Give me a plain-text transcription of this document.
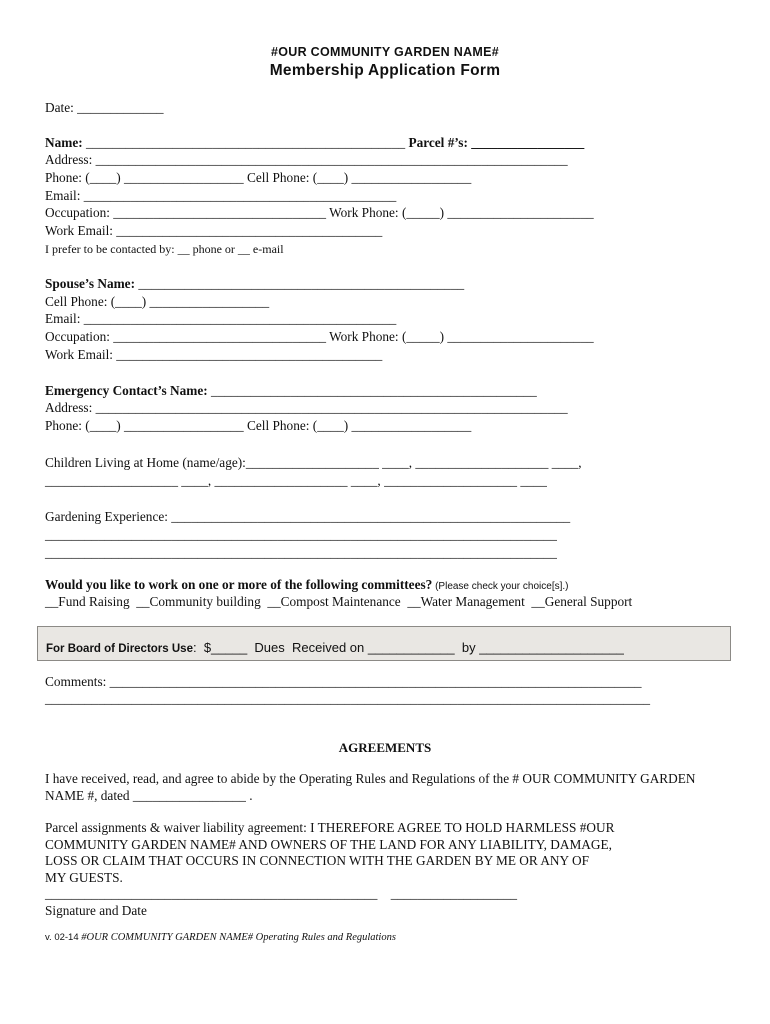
#OUR COMMUNITY GARDEN NAME#
Membership Application Form
Date: _____________
Name: ________________________________________________ Parcel #’s: _________________
Address: _______________________________________________________________________
Phone: (____) __________________ Cell Phone: (____) __________________
Email: _______________________________________________
Occupation: ________________________________ Work Phone: (_____) ______________________
Work Email: ________________________________________
I prefer to be contacted by: __ phone or __ e-mail
Spouse’s Name: _________________________________________________
Cell Phone: (____) __________________
Email: _______________________________________________
Occupation: ________________________________ Work Phone: (_____) ______________________
Work Email: ________________________________________
Emergency Contact’s Name: _________________________________________________
Address: _______________________________________________________________________
Phone: (____) __________________ Cell Phone: (____) __________________
Children Living at Home (name/age):____________________ ____, ____________________ ____,
____________________ ____, ____________________ ____, ____________________ ____
Gardening Experience: ____________________________________________________________
_____________________________________________________________________________
_____________________________________________________________________________
Would you like to work on one or more of the following committees? (Please check your choice[s].)
__Fund Raising  __Community building  __Compost Maintenance  __Water Management  __General Support
For Board of Directors Use:  $_____  Dues  Received on ____________  by ____________________
Comments: ________________________________________________________________________________
___________________________________________________________________________________________
AGREEMENTS
I have received, read, and agree to abide by the Operating Rules and Regulations of the # OUR COMMUNITY GARDEN
NAME #, dated _________________ .
Parcel assignments & waiver liability agreement: I THEREFORE AGREE TO HOLD HARMLESS #OUR
COMMUNITY GARDEN NAME# AND OWNERS OF THE LAND FOR ANY LIABILITY, DAMAGE,
LOSS OR CLAIM THAT OCCURS IN CONNECTION WITH THE GARDEN BY ME OR ANY OF
MY GUESTS.
__________________________________________________    ___________________
Signature and Date
v. 02-14 #OUR COMMUNITY GARDEN NAME# Operating Rules and Regulations
